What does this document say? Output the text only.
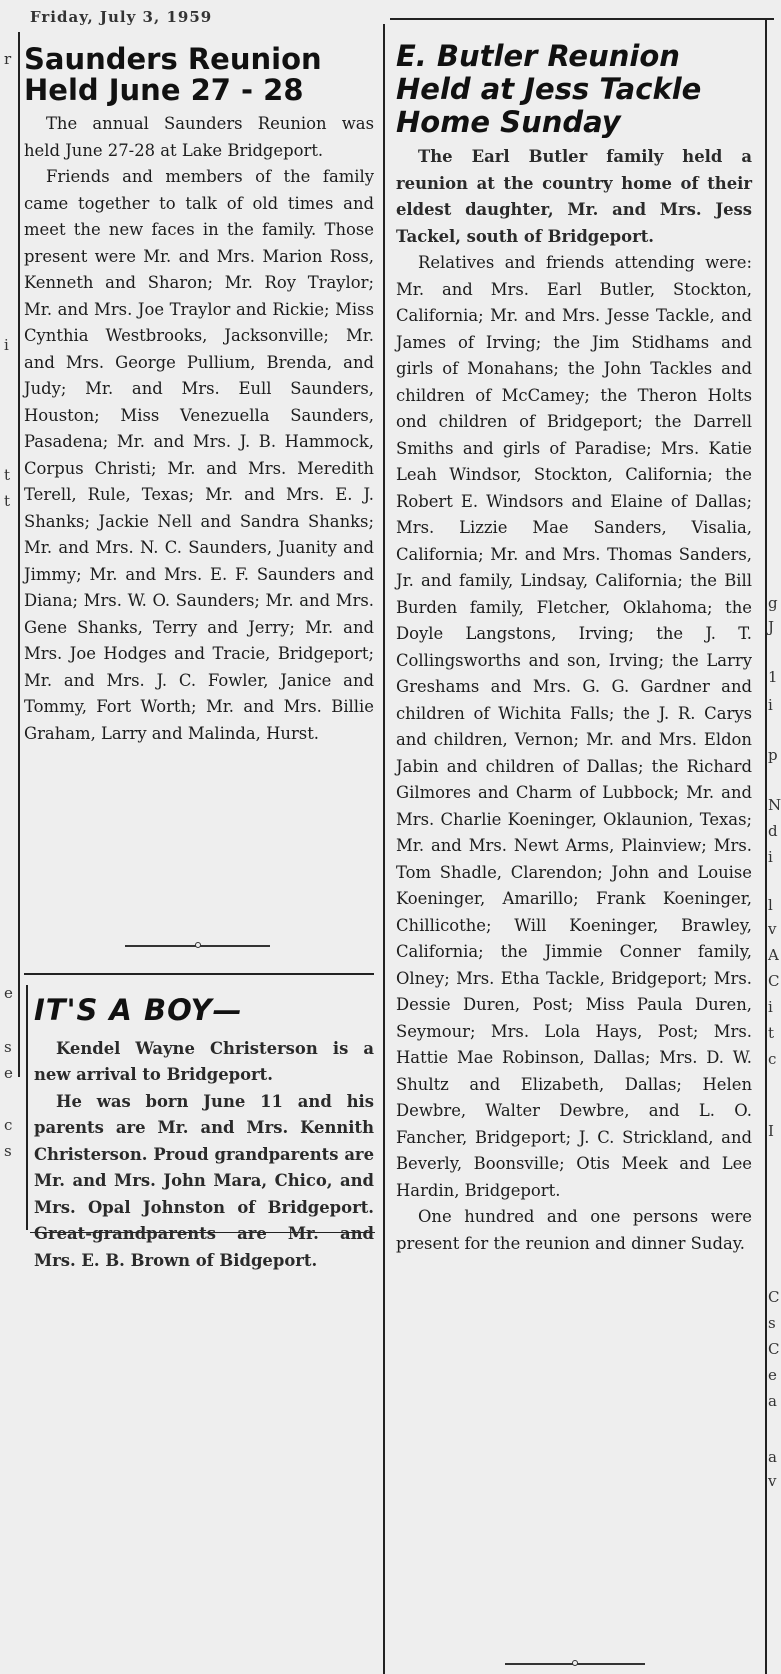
Friday, July 3, 1959
Saunders Reunion
Held June 27 - 28

The annual Saunders Reunion was held June 27-28 at Lake Bridgeport.

Friends and members of the family came together to talk of old times and meet the new faces in the family. Those present were Mr. and Mrs. Marion Ross, Kenneth and Sharon; Mr. Roy Traylor; Mr. and Mrs. Joe Traylor and Rickie; Miss Cynthia Westbrooks, Jacksonville; Mr. and Mrs. George Pullium, Brenda, and Judy; Mr. and Mrs. Eull Saunders, Houston; Miss Venezuella Saunders, Pasadena; Mr. and Mrs. J. B. Hammock, Corpus Christi; Mr. and Mrs. Meredith Terell, Rule, Texas; Mr. and Mrs. E. J. Shanks; Jackie Nell and Sandra Shanks; Mr. and Mrs. N. C. Saunders, Juanity and Jimmy; Mr. and Mrs. E. F. Saunders and Diana; Mrs. W. O. Saunders; Mr. and Mrs. Gene Shanks, Terry and Jerry; Mr. and Mrs. Joe Hodges and Tracie, Bridgeport; Mr. and Mrs. J. C. Fowler, Janice and Tommy, Fort Worth; Mr. and Mrs. Billie Graham, Larry and Malinda, Hurst.

IT'S A BOY—

Kendel Wayne Christerson is a new arrival to Bridgeport.

He was born June 11 and his parents are Mr. and Mrs. Kennith Christerson. Proud grandparents are Mr. and Mrs. John Mara, Chico, and Mrs. Opal Johnston of Bridgeport. Great-grandparents are Mr. and Mrs. E. B. Brown of Bidgeport.

E. Butler Reunion
Held at Jess Tackle
Home Sunday

The Earl Butler family held a reunion at the country home of their eldest daughter, Mr. and Mrs. Jess Tackel, south of Bridgeport.

Relatives and friends attending were: Mr. and Mrs. Earl Butler, Stockton, California; Mr. and Mrs. Jesse Tackle, and James of Irving; the Jim Stidhams and girls of Monahans; the John Tackles and children of McCamey; the Theron Holts ond children of Bridgeport; the Darrell Smiths and girls of Paradise; Mrs. Katie Leah Windsor, Stockton, California; the Robert E. Windsors and Elaine of Dallas; Mrs. Lizzie Mae Sanders, Visalia, California; Mr. and Mrs. Thomas Sanders, Jr. and family, Lindsay, California; the Bill Burden family, Fletcher, Oklahoma; the Doyle Langstons, Irving; the J. T. Collingsworths and son, Irving; the Larry Greshams and Mrs. G. G. Gardner and children of Wichita Falls; the J. R. Carys and children, Vernon; Mr. and Mrs. Eldon Jabin and children of Dallas; the Richard Gilmores and Charm of Lubbock; Mr. and Mrs. Charlie Koeninger, Oklaunion, Texas; Mr. and Mrs. Newt Arms, Plainview; Mrs. Tom Shadle, Clarendon; John and Louise Koeninger, Amarillo; Frank Koeninger, Chillicothe; Will Koeninger, Brawley, California; the Jimmie Conner family, Olney; Mrs. Etha Tackle, Bridgeport; Mrs. Dessie Duren, Post; Miss Paula Duren, Seymour; Mrs. Lola Hays, Post; Mrs. Hattie Mae Robinson, Dallas; Mrs. D. W. Shultz and Elizabeth, Dallas; Helen Dewbre, Walter Dewbre, and L. O. Fancher, Bridgeport; J. C. Strickland, and Beverly, Boonsville; Otis Meek and Lee Hardin, Bridgeport.

One hundred and one persons were present for the reunion and dinner Suday.

g
J
1
i
p
N
d
i
l
v
A
C
i
t
c
I
C
s
C
e
a
a
v
r
i
t
t
e
s
e
c
s
